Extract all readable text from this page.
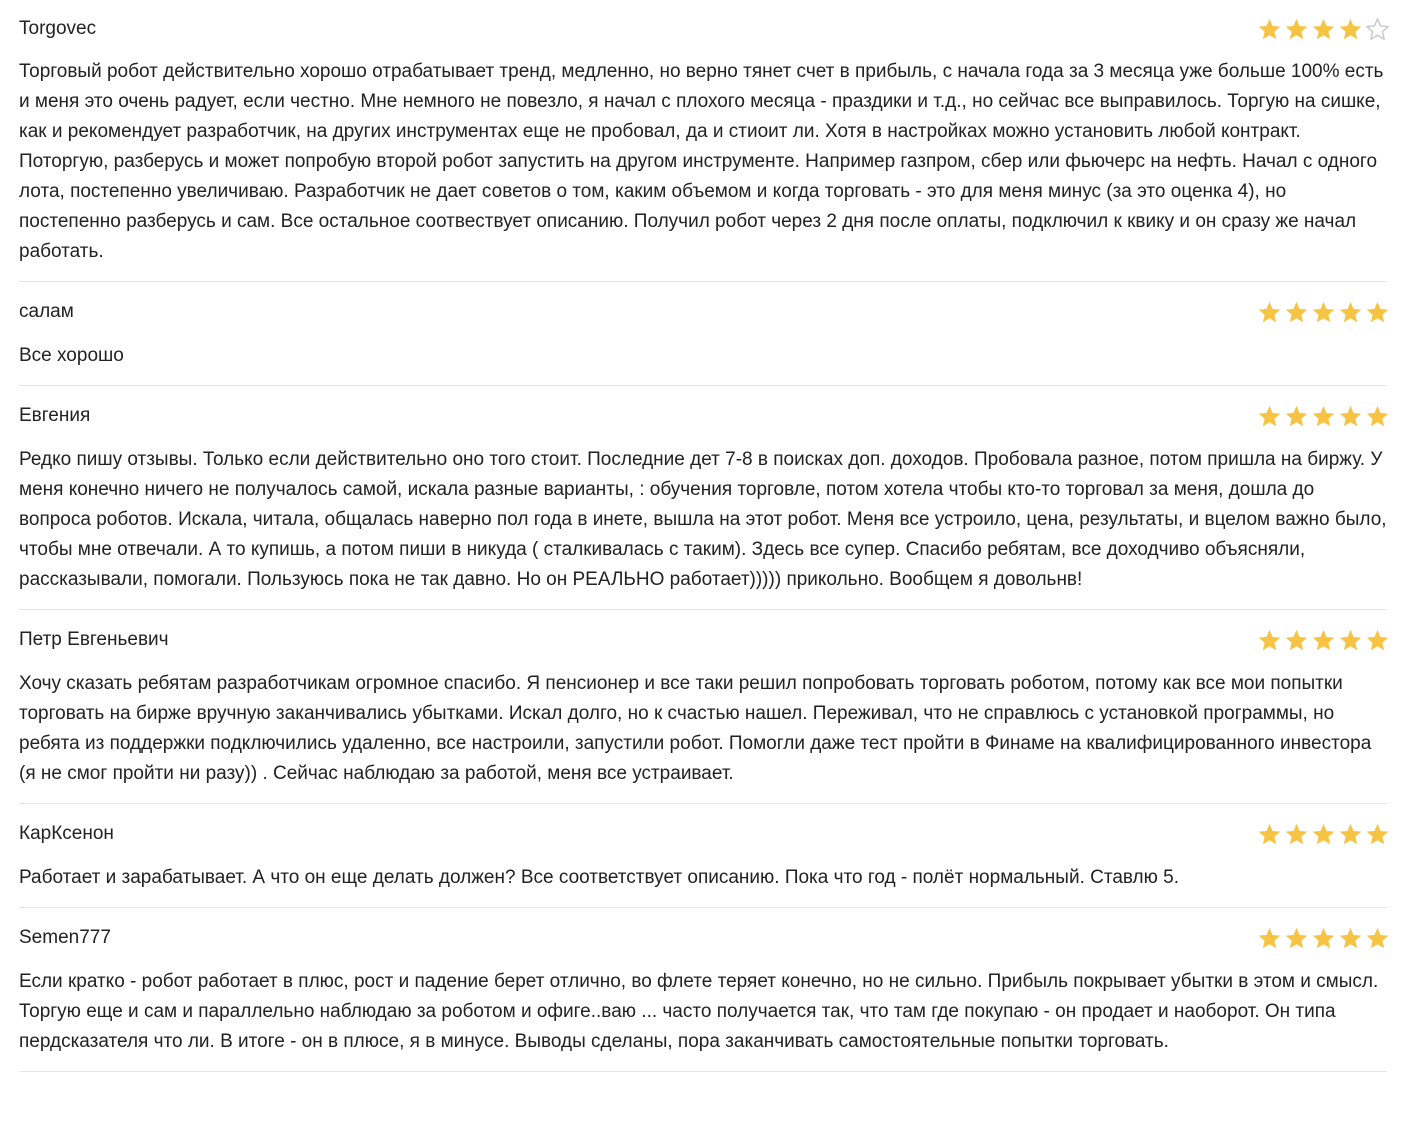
Torgovec

Торговый робот действительно хорошо отрабатывает тренд, медленно, но верно тянет счет в прибыль, с начала года за 3 месяца уже больше 100% есть и меня это очень радует, если честно. Мне немного не повезло, я начал с плохого месяца - праздики и т.д., но сейчас все выправилось. Торгую на сишке, как и рекомендует разработчик, на других инструментах еще не пробовал, да и стиоит ли. Хотя в настройках можно установить любой контракт. Поторгую, разберусь и может попробую второй робот запустить на другом инструменте. Например газпром, сбер или фьючерс на нефть. Начал с одного лота, постепенно увеличиваю. Разработчик не дает советов о том, каким объемом и когда торговать - это для меня минус (за это оценка 4), но постепенно разберусь и сам. Все остальное соотвествует описанию. Получил робот через 2 дня после оплаты, подключил к квику и он сразу же начал работать.

салам

Все хорошо

Евгения

Редко пишу отзывы. Только если действительно оно того стоит. Последние дет 7-8 в поисках доп. доходов. Пробовала разное, потом пришла на биржу. У меня конечно ничего не получалось самой, искала разные варианты, : обучения торговле, потом хотела чтобы кто-то торговал за меня, дошла до вопроса роботов. Искала, читала, общалась наверно пол года в инете, вышла на этот робот. Меня все устроило, цена, результаты, и вцелом важно было, чтобы мне отвечали. А то купишь, а потом пиши в никуда ( сталкивалась с таким). Здесь все супер. Спасибо ребятам, все доходчиво объясняли, рассказывали, помогали. Пользуюсь пока не так давно. Но он РЕАЛЬНО работает))))) прикольно. Вообщем я довольнв!

Петр Евгеньевич

Хочу сказать ребятам разработчикам огромное спасибо. Я пенсионер и все таки решил попробовать торговать роботом, потому как все мои попытки торговать на бирже вручную заканчивались убытками. Искал долго, но к счастью нашел. Переживал, что не справлюсь с установкой программы, но ребята из поддержки подключились удаленно, все настроили, запустили робот. Помогли даже тест пройти в Финаме на квалифицированного инвестора (я не смог пройти ни разу)) . Сейчас наблюдаю за работой, меня все устраивает.

КарКсенон

Работает и зарабатывает. А что он еще делать должен? Все соответствует описанию. Пока что год - полёт нормальный. Ставлю 5.

Semen777

Если кратко - робот работает в плюс, рост и падение берет отлично, во флете теряет конечно, но не сильно. Прибыль покрывает убытки в этом и смысл. Торгую еще и сам и параллельно наблюдаю за роботом и офиге..ваю ... часто получается так, что там где покупаю - он продает и наоборот. Он типа пердсказателя что ли. В итоге - он в плюсе, я в минусе. Выводы сделаны, пора заканчивать самостоятельные попытки торговать.
